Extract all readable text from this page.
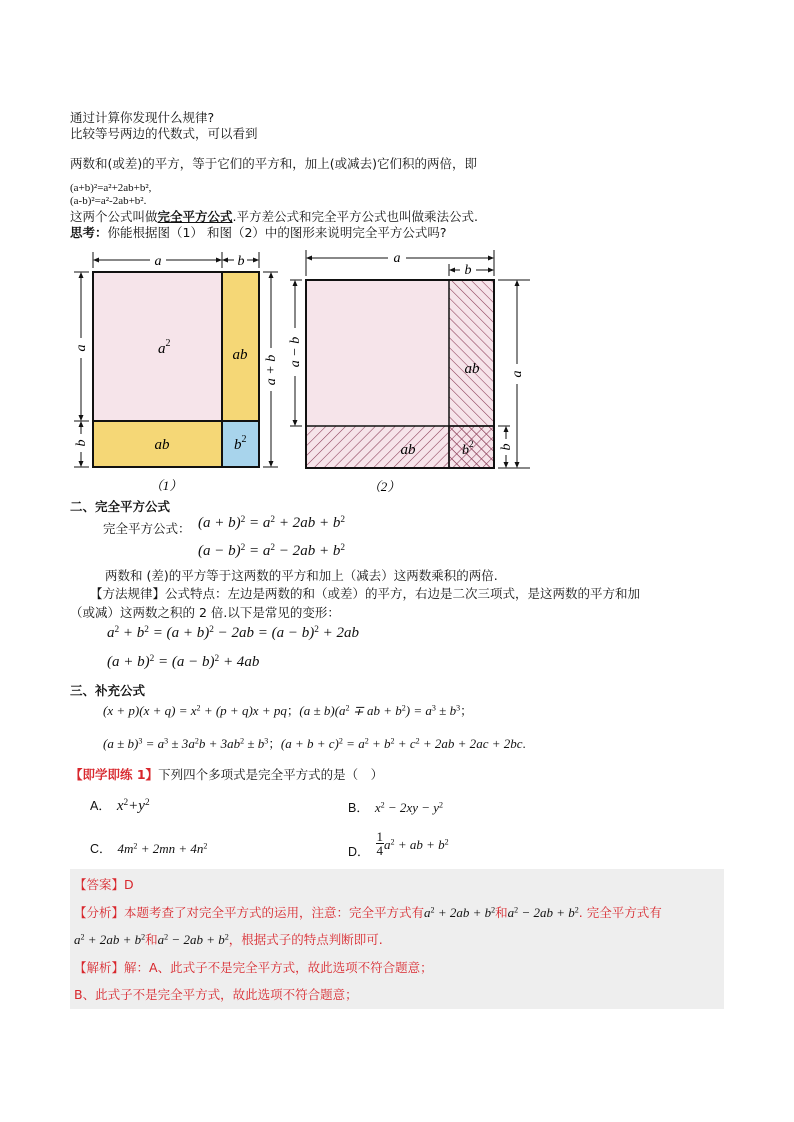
通过计算你发现什么规律?
比较等号两边的代数式，可以看到
两数和(或差)的平方，等于它们的平方和，加上(或减去)它们积的两倍，即
(a+b)²=a²+2ab+b²,
(a-b)²=a²-2ab+b².
这两个公式叫做完全平方公式.平方差公式和完全平方公式也叫做乘法公式.
思考：你能根据图（1） 和图（2）中的图形来说明完全平方公式吗?
a	b
a
b
a + b
$a^2$
ab
ab	$b^2$
（1）
a
b
a − b
a
b
ab
ab	$b^2$
（2）
二、完全平方公式
完全平方公式： $(a + b)^2 = a^2 + 2ab + b^2$
$(a - b)^2 = a^2 - 2ab + b^2$
两数和 (差)的平方等于这两数的平方和加上（减去）这两数乘积的两倍.
【方法规律】公式特点：左边是两数的和（或差）的平方，右边是二次三项式，是这两数的平方和加
（或减）这两数之积的 2 倍.以下是常见的变形：
$a^2 + b^2 = (a + b)^2 - 2ab = (a - b)^2 + 2ab$
$(a + b)^2 = (a - b)^2 + 4ab$
三、补充公式
$(x + p)(x + q) = x^2 + (p + q)x$ + pq；$(a \pm b)(a^2$ ∓ ab + $b^2) = a^3 \pm b^3$；
$(a \pm b)^3 = a^3 \pm 3a^2b + 3ab^2 \pm b^3$；$(a + b + c)^2 = a^2 + b^2 + c^2 + 2ab + 2ac + 2bc$.
【即学即练 1】下列四个多项式是完全平方式的是（　）
A． $x^2+y^2$	B． $x^2 - 2xy - y^2$
C． $4m^2 + 2mn + 4n^2$	$_{D.} \frac{1}{4} a^2$ + ab + $b^2$
【答案】D
【分析】本题考查了对完全平方式的运用，注意：完全平方式有$a^2 + 2ab + b^2$和$a^2 - 2ab + b^2$. 完全平方式有
$a^2 + 2ab + b^2$和$a^2 - 2ab + b^2$，根据式子的特点判断即可.
【解析】解：A、此式子不是完全平方式，故此选项不符合题意；
B、此式子不是完全平方式，故此选项不符合题意；
